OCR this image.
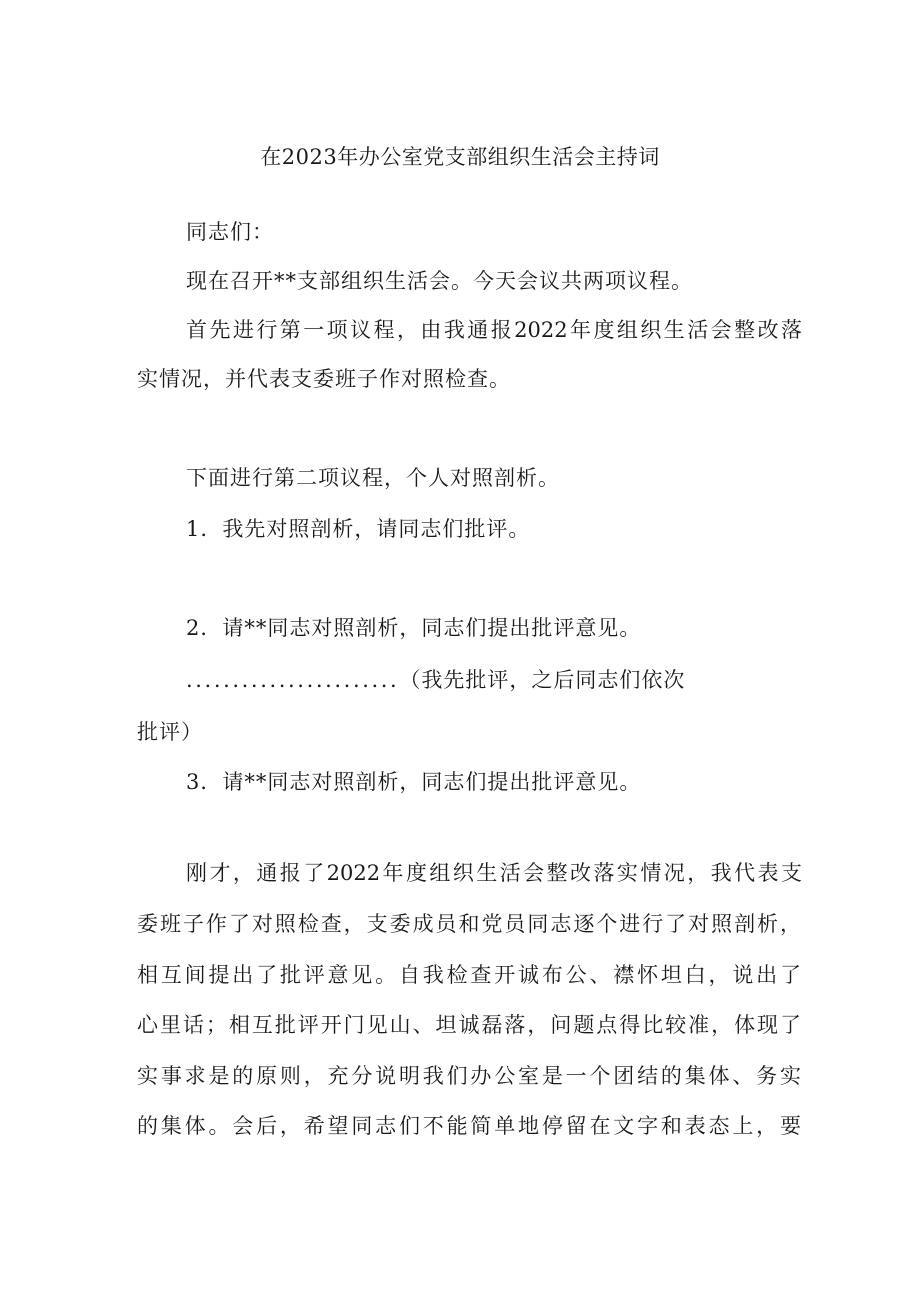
在2023年办公室党支部组织生活会主持词
同志们：
现在召开**支部组织生活会。今天会议共两项议程。
首先进行第一项议程，由我通报2022年度组织生活会整改落
实情况，并代表支委班子作对照检查。
下面进行第二项议程，个人对照剖析。
1．我先对照剖析，请同志们批评。
2．请**同志对照剖析，同志们提出批评意见。
.......................（我先批评，之后同志们依次
批评）
3．请**同志对照剖析，同志们提出批评意见。
刚才，通报了2022年度组织生活会整改落实情况，我代表支
委班子作了对照检查，支委成员和党员同志逐个进行了对照剖析，
相互间提出了批评意见。自我检查开诚布公、襟怀坦白，说出了
心里话；相互批评开门见山、坦诚磊落，问题点得比较准，体现了
实事求是的原则，充分说明我们办公室是一个团结的集体、务实
的集体。会后，希望同志们不能简单地停留在文字和表态上，要
